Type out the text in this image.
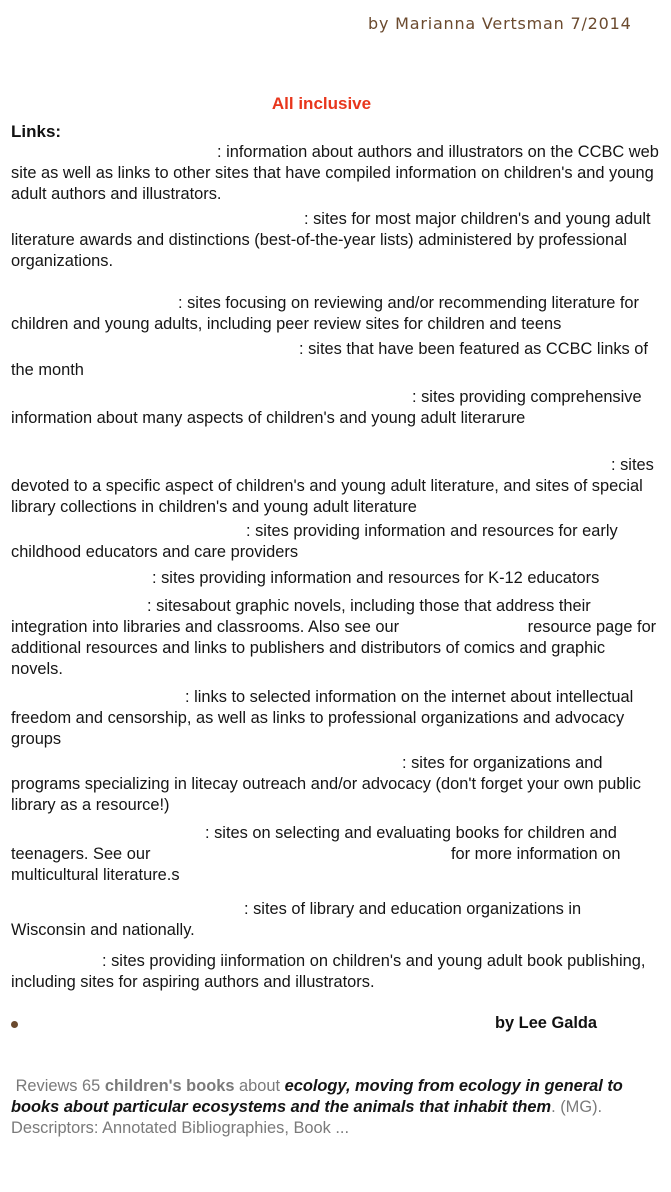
by Marianna Vertsman 7/2014
All inclusive
Links:
: information about authors and illustrators on the CCBC web site as well as links to other sites that have compiled information on children's and young adult authors and illustrators.
: sites for most major children's and young adult literature awards and distinctions (best-of-the-year lists) administered by professional organizations.
: sites focusing on reviewing and/or recommending literature for children and young adults, including peer review sites for children and teens
: sites that have been featured as CCBC links of the month
: sites providing comprehensive information about many aspects of children's and young adult literarure
: sites devoted to a specific aspect of children's and young adult literature, and sites of special library collections in children's and young adult literature
: sites providing information and resources for early childhood educators and care providers
: sites providing information and resources for K-12 educators
: sitesabout graphic novels, including those that address their integration into libraries and classrooms. Also see our	resource page for additional resources and links to publishers and distributors of comics and graphic novels.
: links to selected information on the internet about intellectual freedom and censorship, as well as links to professional organizations and advocacy groups
: sites for organizations and programs specializing in litecay outreach and/or advocacy (don't forget your own public library as a resource!)
: sites on selecting and evaluating books for children and teenagers. See our	for more information on multicultural literature.s
: sites of library and education organizations in Wisconsin and nationally.
: sites providing iinformation on children's and young adult book publishing, including sites for aspiring authors and illustrators.
by Lee Galda
Reviews 65 children's books about ecology, moving from ecology in general to books about particular ecosystems and the animals that inhabit them. (MG). Descriptors: Annotated Bibliographies, Book ...
